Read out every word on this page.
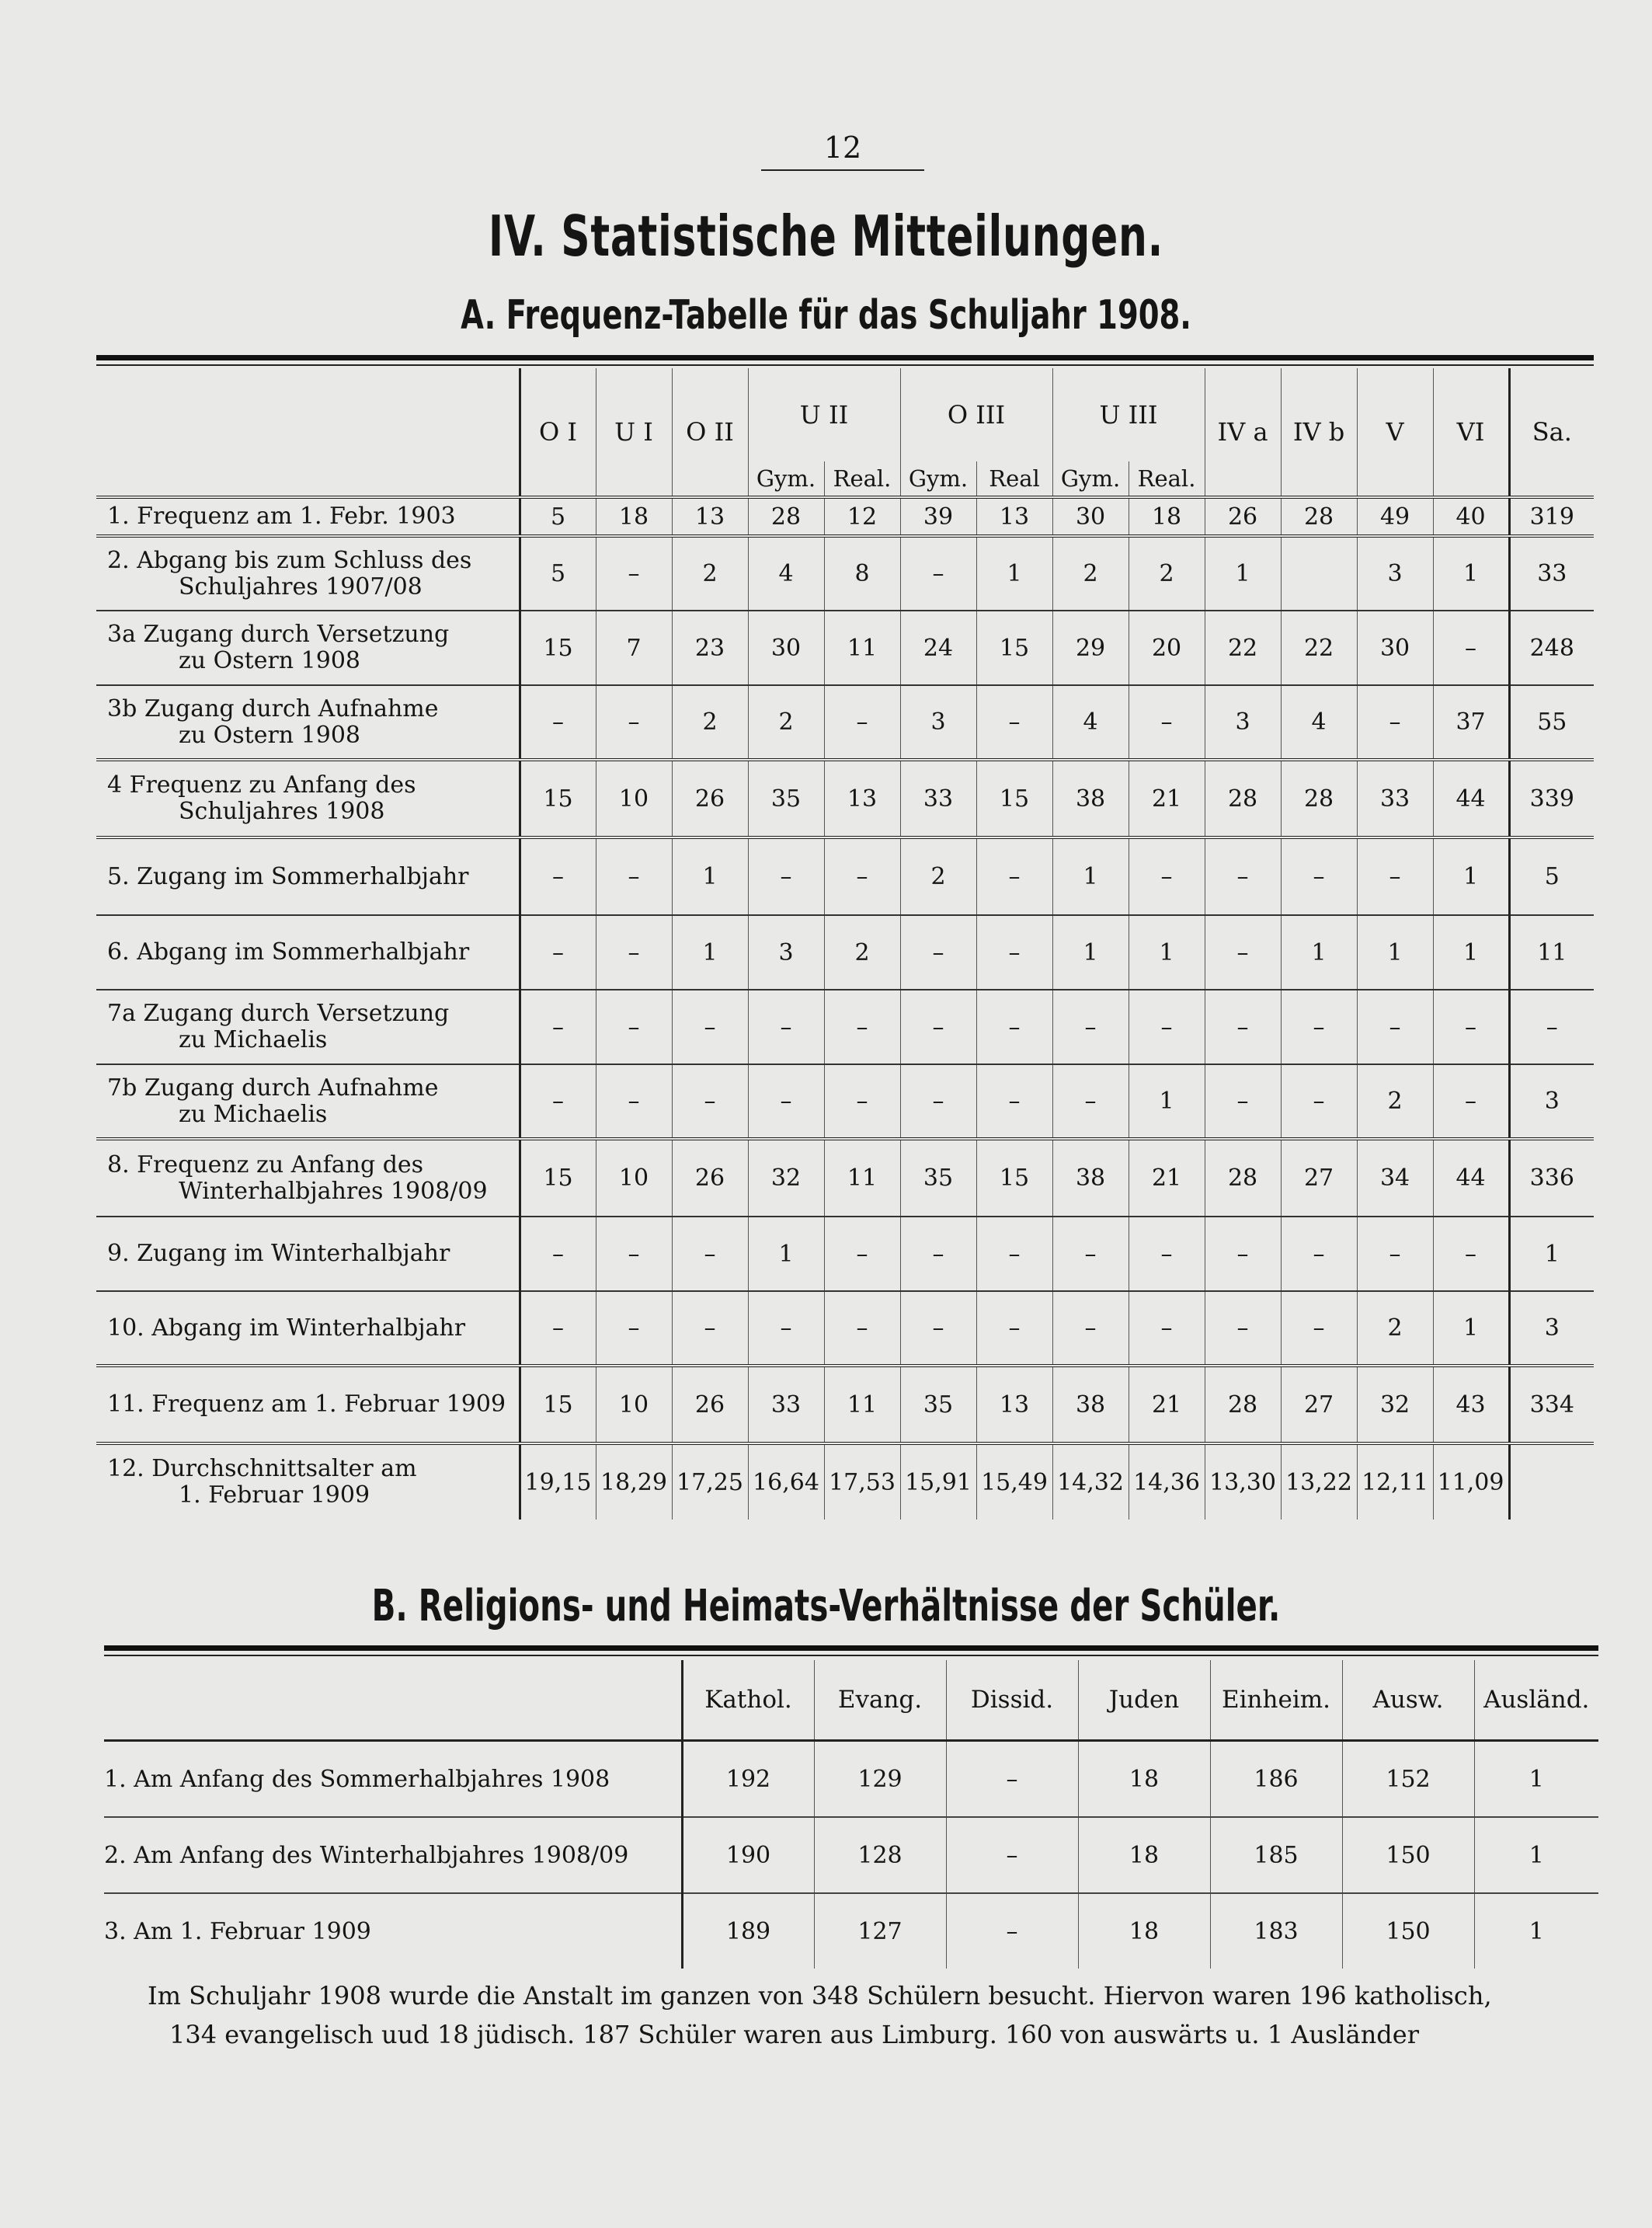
12
IV. Statistische Mitteilungen.
A. Frequenz-Tabelle für das Schuljahr 1908.
	O I	U I	O II	U II		O III		U III		IV a	IV b	V	VI	Sa.
				Gym.	Real.	Gym.	Real	Gym.	Real.					
1. Frequenz am 1. Febr. 1903	5	18	13	28	12	39	13	30	18	26	28	49	40	319
2. Abgang bis zum Schluss des
Schuljahres 1907/08	5	–	2	4	8	–	1	2	2	1		3	1	33
3a Zugang durch Versetzung
zu Ostern 1908	15	7	23	30	11	24	15	29	20	22	22	30	–	248
3b Zugang durch Aufnahme
zu Ostern 1908	–	–	2	2	–	3	–	4	–	3	4	–	37	55
4 Frequenz zu Anfang des
Schuljahres 1908	15	10	26	35	13	33	15	38	21	28	28	33	44	339
5. Zugang im Sommerhalbjahr	–	–	1	–	–	2	–	1	–	–	–	–	1	5
6. Abgang im Sommerhalbjahr	–	–	1	3	2	–	–	1	1	–	1	1	1	11
7a Zugang durch Versetzung
zu Michaelis	–	–	–	–	–	–	–	–	–	–	–	–	–	–
7b Zugang durch Aufnahme
zu Michaelis	–	–	–	–	–	–	–	–	1	–	–	2	–	3
8. Frequenz zu Anfang des
Winterhalbjahres 1908/09	15	10	26	32	11	35	15	38	21	28	27	34	44	336
9. Zugang im Winterhalbjahr	–	–	–	1	–	–	–	–	–	–	–	–	–	1
10. Abgang im Winterhalbjahr	–	–	–	–	–	–	–	–	–	–	–	2	1	3
11. Frequenz am 1. Februar 1909	15	10	26	33	11	35	13	38	21	28	27	32	43	334
12. Durchschnittsalter am
1. Februar 1909	19,15	18,29	17,25	16,64	17,53	15,91	15,49	14,32	14,36	13,30	13,22	12,11	11,09	
B. Religions- und Heimats-Verhältnisse der Schüler.
	Kathol.	Evang.	Dissid.	Juden	Einheim.	Ausw.	Ausländ.
1. Am Anfang des Sommerhalbjahres 1908	192	129	–	18	186	152	1
2. Am Anfang des Winterhalbjahres 1908/09	190	128	–	18	185	150	1
3. Am 1. Februar 1909	189	127	–	18	183	150	1
Im Schuljahr 1908 wurde die Anstalt im ganzen von 348 Schülern besucht. Hiervon waren 196 katholisch,
134 evangelisch uud 18 jüdisch. 187 Schüler waren aus Limburg. 160 von auswärts u. 1 Ausländer
